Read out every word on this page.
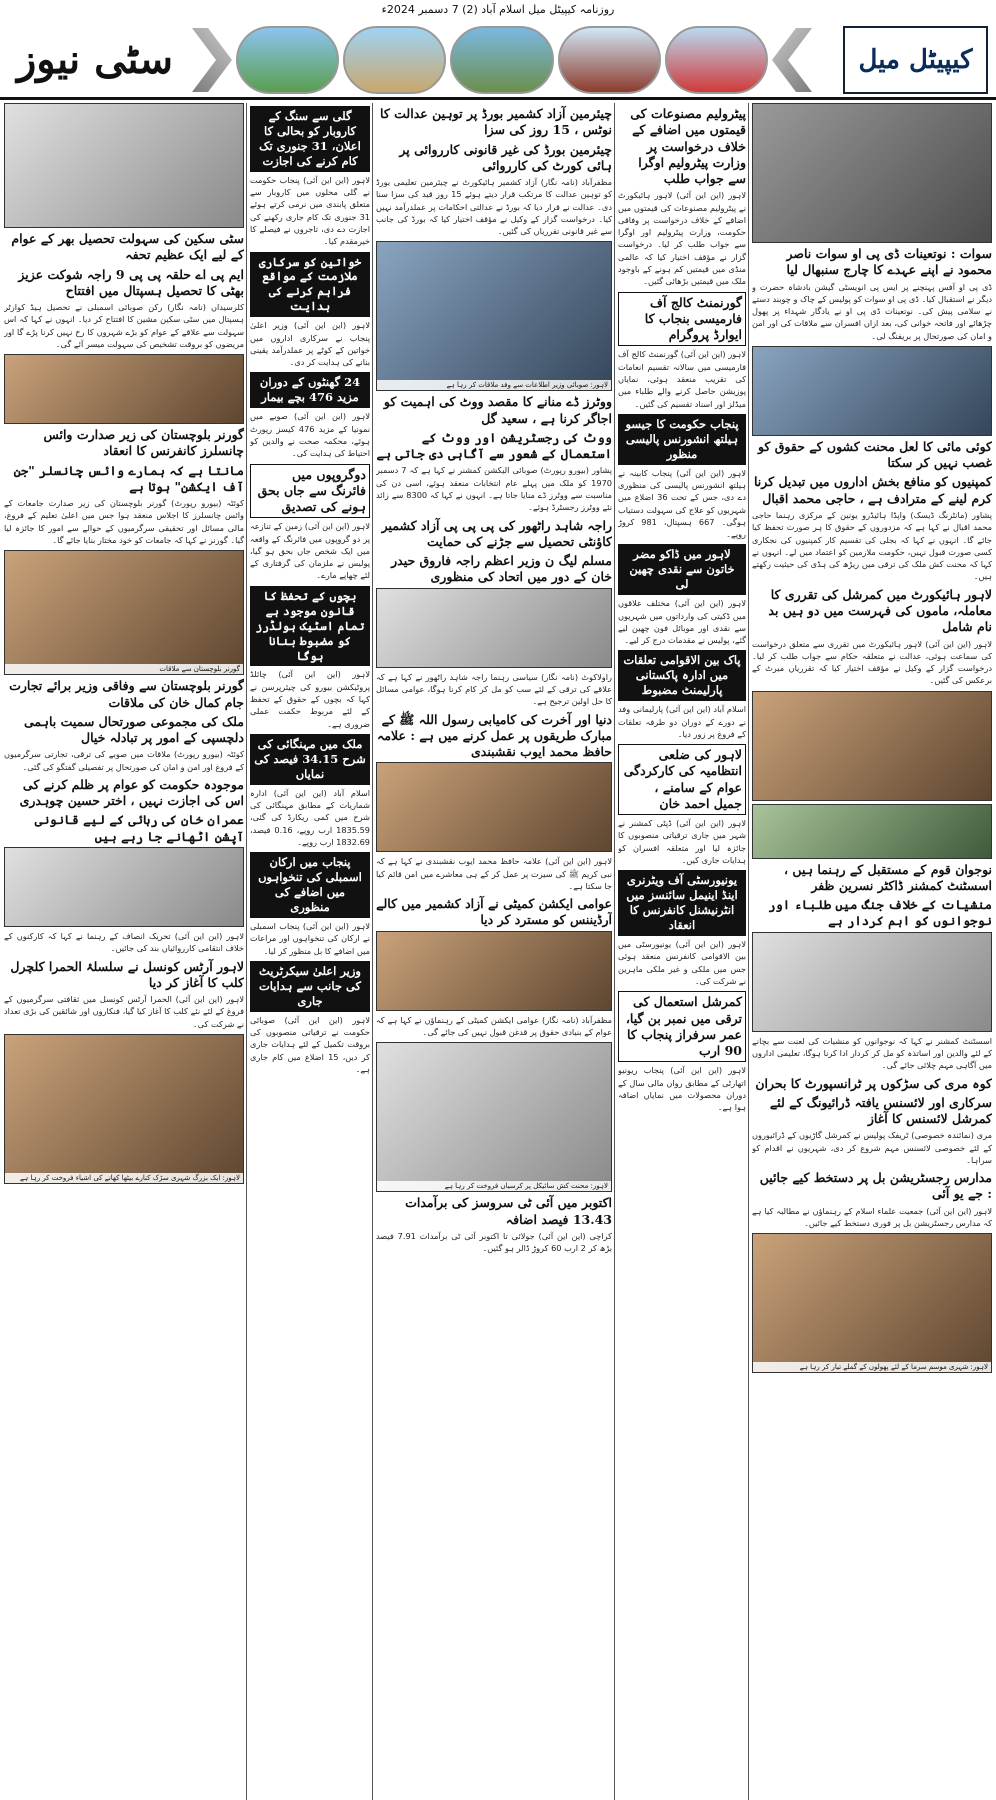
روزنامہ کیپیٹل میل اسلام آباد (2) 7 دسمبر 2024ء
کیپیٹل میل
سٹی نیوز
سوات : نوتعینات ڈی پی او سوات ناصر محمود نے اپنے عہدے کا چارج سنبھال لیا
ڈی پی او آفس پہنچنے پر ایس پی انویسٹی گیشن بادشاہ حضرت و دیگر نے استقبال کیا۔ ڈی پی او سوات کو پولیس کے چاک و چوبند دستے نے سلامی پیش کی۔ نوتعینات ڈی پی او نے یادگار شہداء پر پھول چڑھائے اور فاتحہ خوانی کی، بعد ازاں افسران سے ملاقات کی اور امن و امان کی صورتحال پر بریفنگ لی۔
کوئی مائی کا لعل محنت کشوں کے حقوق کو غصب نہیں کر سکتا
کمپنیوں کو منافع بخش اداروں میں تبدیل کرنا کرم لینے کے مترادف ہے ، حاجی محمد اقبال
پشاور (مانٹرنگ ڈیسک) واپڈا ہائیڈرو یونین کے مرکزی رہنما حاجی محمد اقبال نے کہا ہے کہ مزدوروں کے حقوق کا ہر صورت تحفظ کیا جائے گا۔ انہوں نے کہا کہ بجلی کی تقسیم کار کمپنیوں کی نجکاری کسی صورت قبول نہیں، حکومت ملازمین کو اعتماد میں لے۔ انہوں نے کہا کہ محنت کش ملک کی ترقی میں ریڑھ کی ہڈی کی حیثیت رکھتے ہیں۔
لاہور ہائیکورٹ میں کمرشل کی تقرری کا معاملہ، ماموں کی فہرست میں دو ہیں بد نام شامل
لاہور (این این آئی) لاہور ہائیکورٹ میں تقرری سے متعلق درخواست کی سماعت ہوئی، عدالت نے متعلقہ حکام سے جواب طلب کر لیا۔ درخواست گزار کے وکیل نے مؤقف اختیار کیا کہ تقرریاں میرٹ کے برعکس کی گئیں۔
نوجوان قوم کے مستقبل کے رہنما ہیں ، اسسٹنٹ کمشنر ڈاکٹر نسرین ظفر
منشیات کے خلاف جنگ میں طلباء اور نوجوانوں کو اہم کردار ہے
اسسٹنٹ کمشنر نے کہا کہ نوجوانوں کو منشیات کی لعنت سے بچانے کے لئے والدین اور اساتذہ کو مل کر کردار ادا کرنا ہوگا، تعلیمی اداروں میں آگاہی مہم چلائی جائے گی۔
کوہ مری کی سڑکوں پر ٹرانسپورٹ کا بحران
سرکاری اور لائسنس یافتہ ڈرائیونگ کے لئے کمرشل لائسنس کا آغاز
مری (نمائندہ خصوصی) ٹریفک پولیس نے کمرشل گاڑیوں کے ڈرائیوروں کے لئے خصوصی لائسنس مہم شروع کر دی، شہریوں نے اقدام کو سراہا۔
مدارس رجسٹریشن بل پر دستخط کیے جائیں : جے یو آئی
لاہور (این این آئی) جمعیت علماء اسلام کے رہنماؤں نے مطالبہ کیا ہے کہ مدارس رجسٹریشن بل پر فوری دستخط کیے جائیں۔
لاہور: شہری موسم سرما کے لئے پھولوں کے گملے تیار کر رہا ہے
پیٹرولیم مصنوعات کی قیمتوں میں اضافے کے خلاف درخواست پر وزارت پیٹرولیم اوگرا سے جواب طلب
لاہور (این این آئی) لاہور ہائیکورٹ نے پیٹرولیم مصنوعات کی قیمتوں میں اضافے کے خلاف درخواست پر وفاقی حکومت، وزارت پیٹرولیم اور اوگرا سے جواب طلب کر لیا۔ درخواست گزار نے مؤقف اختیار کیا کہ عالمی منڈی میں قیمتیں کم ہونے کے باوجود ملک میں قیمتیں بڑھائی گئیں۔
گورنمنٹ کالج آف فارمیسی بنجاب کا ایوارڈ پروگرام
لاہور (این این آئی) گورنمنٹ کالج آف فارمیسی میں سالانہ تقسیم انعامات کی تقریب منعقد ہوئی، نمایاں پوزیشن حاصل کرنے والے طلباء میں میڈلز اور اسناد تقسیم کی گئیں۔
پنجاب حکومت کا جیسو ہیلتھ انشورنس پالیسی منظور
لاہور (این این آئی) پنجاب کابینہ نے ہیلتھ انشورنس پالیسی کی منظوری دے دی، جس کے تحت 36 اضلاع میں شہریوں کو علاج کی سہولت دستیاب ہوگی۔ 667 ہسپتال، 981 کروڑ روپے۔
لاہور میں ڈاکو مضر خاتون سے نقدی چھین لی
لاہور (این این آئی) مختلف علاقوں میں ڈکیتی کی وارداتوں میں شہریوں سے نقدی اور موبائل فون چھین لیے گئے، پولیس نے مقدمات درج کر لیے۔
پاک بین الاقوامی تعلقات میں ادارہ پاکستانی پارلیمنٹ مضبوط
اسلام آباد (این این آئی) پارلیمانی وفد نے دورے کے دوران دو طرفہ تعلقات کے فروغ پر زور دیا۔
لاہور کی ضلعی انتظامیہ کی کارکردگی عوام کے سامنے ، جمیل احمد خان
لاہور (این این آئی) ڈپٹی کمشنر نے شہر میں جاری ترقیاتی منصوبوں کا جائزہ لیا اور متعلقہ افسران کو ہدایات جاری کیں۔
یونیورسٹی آف ویٹرنری اینڈ اینیمل سائنسز میں انٹرنیشنل کانفرنس کا انعقاد
لاہور (این این آئی) یونیورسٹی میں بین الاقوامی کانفرنس منعقد ہوئی جس میں ملکی و غیر ملکی ماہرین نے شرکت کی۔
کمرشل استعمال کی ترقی میں نمبر بن گیا، عمر سرفراز پنجاب کا 90 ارب
لاہور (این این آئی) پنجاب ریونیو اتھارٹی کے مطابق رواں مالی سال کے دوران محصولات میں نمایاں اضافہ ہوا ہے۔
چیئرمین آزاد کشمیر بورڈ پر توہین عدالت کا نوٹس ، 15 روز کی سزا
چیئرمین بورڈ کی غیر قانونی کارروائی پر ہائی کورٹ کی کارروائی
مظفرآباد (نامہ نگار) آزاد کشمیر ہائیکورٹ نے چیئرمین تعلیمی بورڈ کو توہین عدالت کا مرتکب قرار دیتے ہوئے 15 روز قید کی سزا سنا دی۔ عدالت نے قرار دیا کہ بورڈ نے عدالتی احکامات پر عملدرآمد نہیں کیا۔ درخواست گزار کے وکیل نے مؤقف اختیار کیا کہ بورڈ کی جانب سے غیر قانونی تقرریاں کی گئیں۔
لاہور: صوبائی وزیر اطلاعات سے وفد ملاقات کر رہا ہے
ووٹرز ڈے منانے کا مقصد ووٹ کی اہمیت کو اجاگر کرنا ہے ، سعید گل
ووٹ کی رجسٹریشن اور ووٹ کے استعمال کے شعور سے آگاہی دی جاتی ہے
پشاور (بیورو رپورٹ) صوبائی الیکشن کمشنر نے کہا ہے کہ 7 دسمبر 1970 کو ملک میں پہلے عام انتخابات منعقد ہوئے، اسی دن کی مناسبت سے ووٹرز ڈے منایا جاتا ہے۔ انہوں نے کہا کہ 8300 سے زائد نئے ووٹرز رجسٹرڈ ہوئے۔
راجہ شاہد راٹھور کی پی پی پی آزاد کشمیر کاؤنٹی تحصیل سے جڑنے کی حمایت
مسلم لیگ ن وزیر اعظم راجہ فاروق حیدر خان کے دور میں اتحاد کی منظوری
راولاکوٹ (نامہ نگار) سیاسی رہنما راجہ شاہد راٹھور نے کہا ہے کہ علاقے کی ترقی کے لئے سب کو مل کر کام کرنا ہوگا، عوامی مسائل کا حل اولین ترجیح ہے۔
دنیا اور آخرت کی کامیابی رسول اللہ ﷺ کے مبارک طریقوں پر عمل کرنے میں ہے : علامہ حافظ محمد ایوب نقشبندی
لاہور (این این آئی) علامہ حافظ محمد ایوب نقشبندی نے کہا ہے کہ نبی کریم ﷺ کی سیرت پر عمل کر کے ہی معاشرے میں امن قائم کیا جا سکتا ہے۔
عوامی ایکشن کمیٹی نے آزاد کشمیر میں کالے آرڈیننس کو مسترد کر دیا
مظفرآباد (نامہ نگار) عوامی ایکشن کمیٹی کے رہنماؤں نے کہا ہے کہ عوام کے بنیادی حقوق پر قدغن قبول نہیں کی جائے گی۔
لاہور: محنت کش سائیکل پر کرسیاں فروخت کر رہا ہے
اکتوبر میں آئی ٹی سروسز کی برآمدات 13.43 فیصد اضافہ
کراچی (این این آئی) جولائی تا اکتوبر آئی ٹی برآمدات 7.91 فیصد بڑھ کر 2 ارب 60 کروڑ ڈالر ہو گئیں۔
گلی سے سنگ کے کاروبار کو بحالی کا اعلان، 31 جنوری تک کام کرنے کی اجازت
لاہور (این این آئی) پنجاب حکومت نے گلی محلوں میں کاروبار سے متعلق پابندی میں نرمی کرتے ہوئے 31 جنوری تک کام جاری رکھنے کی اجازت دے دی، تاجروں نے فیصلے کا خیرمقدم کیا۔
خواتین کو سرکاری ملازمت کے مواقع فراہم کرنے کی ہدایت
لاہور (این این آئی) وزیر اعلیٰ پنجاب نے سرکاری اداروں میں خواتین کے کوٹے پر عملدرآمد یقینی بنانے کی ہدایت کر دی۔
24 گھنٹوں کے دوران مزید 476 بچے بیمار
لاہور (این این آئی) صوبے میں نمونیا کے مزید 476 کیسز رپورٹ ہوئے، محکمہ صحت نے والدین کو احتیاط کی ہدایت کی۔
دوگروپوں میں فائرنگ سے جاں بحق ہونے کی تصدیق
لاہور (این این آئی) زمین کے تنازعہ پر دو گروپوں میں فائرنگ کے واقعہ میں ایک شخص جاں بحق ہو گیا، پولیس نے ملزمان کی گرفتاری کے لئے چھاپے مارے۔
بچوں کے تحفظ کا قانون موجود ہے تمام اسٹیک ہولڈرز کو مضبوط بنانا ہوگا
لاہور (این این آئی) چائلڈ پروٹیکشن بیورو کی چیئرپرسن نے کہا کہ بچوں کے حقوق کے تحفظ کے لئے مربوط حکمت عملی ضروری ہے۔
ملک میں مہنگائی کی شرح 34.15 فیصد کی نمایاں
اسلام آباد (این این آئی) ادارہ شماریات کے مطابق مہنگائی کی شرح میں کمی ریکارڈ کی گئی، 1835.59 ارب روپے، 0.16 فیصد، 1832.69 ارب روپے۔
پنجاب میں ارکان اسمبلی کی تنخواہوں میں اضافے کی منظوری
لاہور (این این آئی) پنجاب اسمبلی نے ارکان کی تنخواہوں اور مراعات میں اضافے کا بل منظور کر لیا۔
وزیر اعلیٰ سیکرٹریٹ کی جانب سے ہدایات جاری
لاہور (این این آئی) صوبائی حکومت نے ترقیاتی منصوبوں کی بروقت تکمیل کے لئے ہدایات جاری کر دیں، 15 اضلاع میں کام جاری ہے۔
سٹی سکین کی سہولت تحصیل بھر کے عوام کے لیے ایک عظیم تحفہ
ایم پی اے حلقہ پی پی 9 راجہ شوکت عزیز بھٹی کا تحصیل ہسپتال میں افتتاح
کلرسیداں (نامہ نگار) رکن صوبائی اسمبلی نے تحصیل ہیڈ کوارٹر ہسپتال میں سٹی سکین مشین کا افتتاح کر دیا۔ انہوں نے کہا کہ اس سہولت سے علاقے کے عوام کو بڑے شہروں کا رخ نہیں کرنا پڑے گا اور مریضوں کو بروقت تشخیص کی سہولت میسر آئے گی۔
گورنر بلوچستان کی زیر صدارت وائس چانسلرز کانفرنس کا انعقاد
مانتا ہے کہ ہمارے وائس چانسلر "جن آف ایکشن" ہوتا ہے
کوئٹہ (بیورو رپورٹ) گورنر بلوچستان کی زیر صدارت جامعات کے وائس چانسلرز کا اجلاس منعقد ہوا جس میں اعلیٰ تعلیم کے فروغ، مالی مسائل اور تحقیقی سرگرمیوں کے حوالے سے امور کا جائزہ لیا گیا۔ گورنر نے کہا کہ جامعات کو خود مختار بنایا جائے گا۔
گورنر بلوچستان سے ملاقات
گورنر بلوچستان سے وفاقی وزیر برائے تجارت جام کمال خان کی ملاقات
ملک کی مجموعی صورتحال سمیت باہمی دلچسپی کے امور پر تبادلہ خیال
کوئٹہ (بیورو رپورٹ) ملاقات میں صوبے کی ترقی، تجارتی سرگرمیوں کے فروغ اور امن و امان کی صورتحال پر تفصیلی گفتگو کی گئی۔
موجودہ حکومت کو عوام پر ظلم کرنے کی اس کی اجازت نہیں ، اختر حسین چوہدری
عمران خان کی رہائی کے لیے قانونی آپشن اٹھانے جا رہے ہیں
لاہور (این این آئی) تحریک انصاف کے رہنما نے کہا کہ کارکنوں کے خلاف انتقامی کارروائیاں بند کی جائیں۔
لاہور آرٹس کونسل نے سلسلۂ الحمرا کلچرل کلب کا آغاز کر دیا
لاہور (این این آئی) الحمرا آرٹس کونسل میں ثقافتی سرگرمیوں کے فروغ کے لئے نئے کلب کا آغاز کیا گیا، فنکاروں اور شائقین کی بڑی تعداد نے شرکت کی۔
لاہور: ایک بزرگ شہری سڑک کنارے بیٹھا کھانے کی اشیاء فروخت کر رہا ہے
